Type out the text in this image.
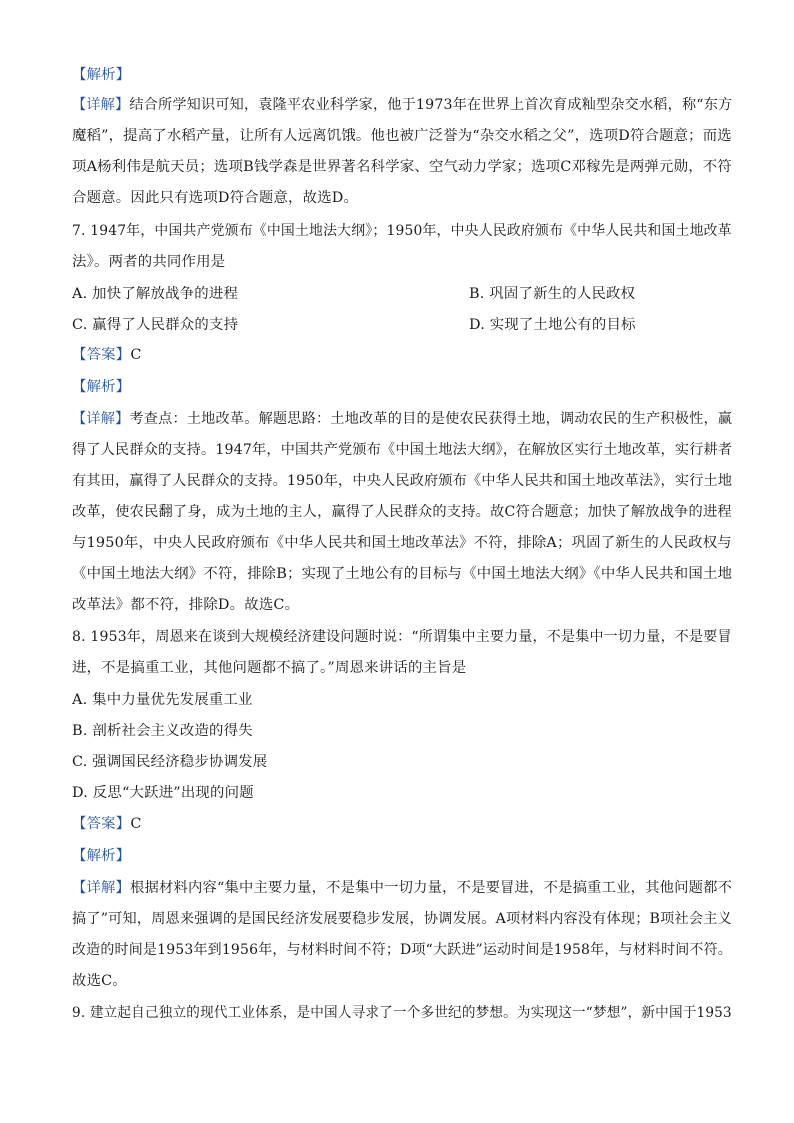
【解析】
【详解】结合所学知识可知，袁隆平农业科学家，他于1973年在世界上首次育成籼型杂交水稻，称“东方
魔稻”，提高了水稻产量，让所有人远离饥饿。他也被广泛誉为“杂交水稻之父”，选项D符合题意；而选
项A杨利伟是航天员；选项B钱学森是世界著名科学家、空气动力学家；选项C邓稼先是两弹元勋，不符
合题意。因此只有选项D符合题意，故选D。
7. 1947年，中国共产党颁布《中国土地法大纲》；1950年，中央人民政府颁布《中华人民共和国土地改革
法》。两者的共同作用是
A. 加快了解放战争的进程	B. 巩固了新生的人民政权
C. 赢得了人民群众的支持	D. 实现了土地公有的目标
【答案】C
【解析】
【详解】考查点：土地改革。解题思路：土地改革的目的是使农民获得土地，调动农民的生产积极性，赢
得了人民群众的支持。1947年，中国共产党颁布《中国土地法大纲》，在解放区实行土地改革，实行耕者
有其田，赢得了人民群众的支持。1950年，中央人民政府颁布《中华人民共和国土地改革法》，实行土地
改革，使农民翻了身，成为土地的主人，赢得了人民群众的支持。故C符合题意；加快了解放战争的进程
与1950年，中央人民政府颁布《中华人民共和国土地改革法》不符，排除A；巩固了新生的人民政权与
《中国土地法大纲》不符，排除B；实现了土地公有的目标与《中国土地法大纲》《中华人民共和国土地
改革法》都不符，排除D。故选C。
8. 1953年，周恩来在谈到大规模经济建设问题时说：“所谓集中主要力量，不是集中一切力量，不是要冒
进，不是搞重工业，其他问题都不搞了。”周恩来讲话的主旨是
A. 集中力量优先发展重工业
B. 剖析社会主义改造的得失
C. 强调国民经济稳步协调发展
D. 反思“大跃进”出现的问题
【答案】C
【解析】
【详解】根据材料内容“集中主要力量，不是集中一切力量，不是要冒进，不是搞重工业，其他问题都不
搞了”可知，周恩来强调的是国民经济发展要稳步发展，协调发展。A项材料内容没有体现；B项社会主义
改造的时间是1953年到1956年，与材料时间不符；D项“大跃进”运动时间是1958年，与材料时间不符。
故选C。
9. 建立起自己独立的现代工业体系，是中国人寻求了一个多世纪的梦想。为实现这一“梦想”，新中国于1953
